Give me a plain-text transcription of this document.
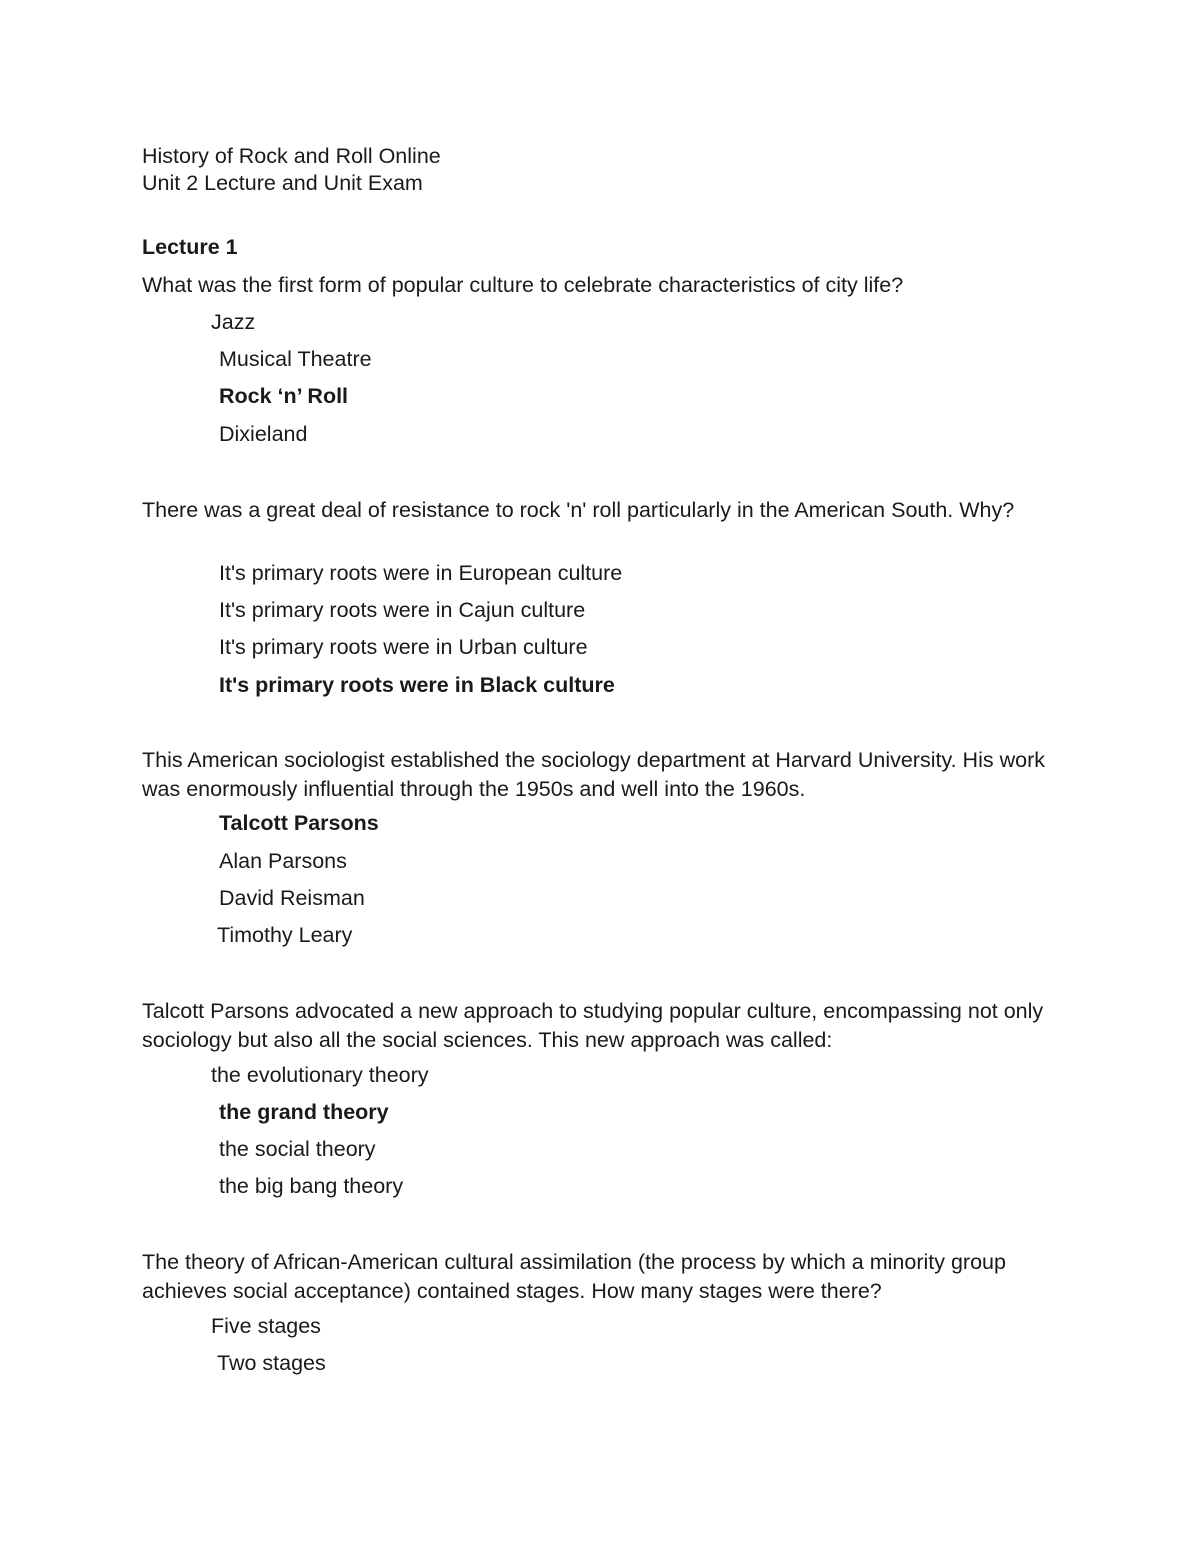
History of Rock and Roll Online
Unit 2 Lecture and Unit Exam
Lecture 1
What was the first form of popular culture to celebrate characteristics of city life?
Jazz
Musical Theatre
Rock ‘n’ Roll
Dixieland
There was a great deal of resistance to rock 'n' roll particularly in the American South. Why?
It's primary roots were in European culture
It's primary roots were in Cajun culture
It's primary roots were in Urban culture
It's primary roots were in Black culture
This American sociologist established the sociology department at Harvard University. His work was enormously influential through the 1950s and well into the 1960s.
Talcott Parsons
Alan Parsons
David Reisman
Timothy Leary
Talcott Parsons advocated a new approach to studying popular culture, encompassing not only sociology but also all the social sciences. This new approach was called:
the evolutionary theory
the grand theory
the social theory
the big bang theory
The theory of African-American cultural assimilation (the process by which a minority group achieves social acceptance) contained stages. How many stages were there?
Five stages
Two stages
